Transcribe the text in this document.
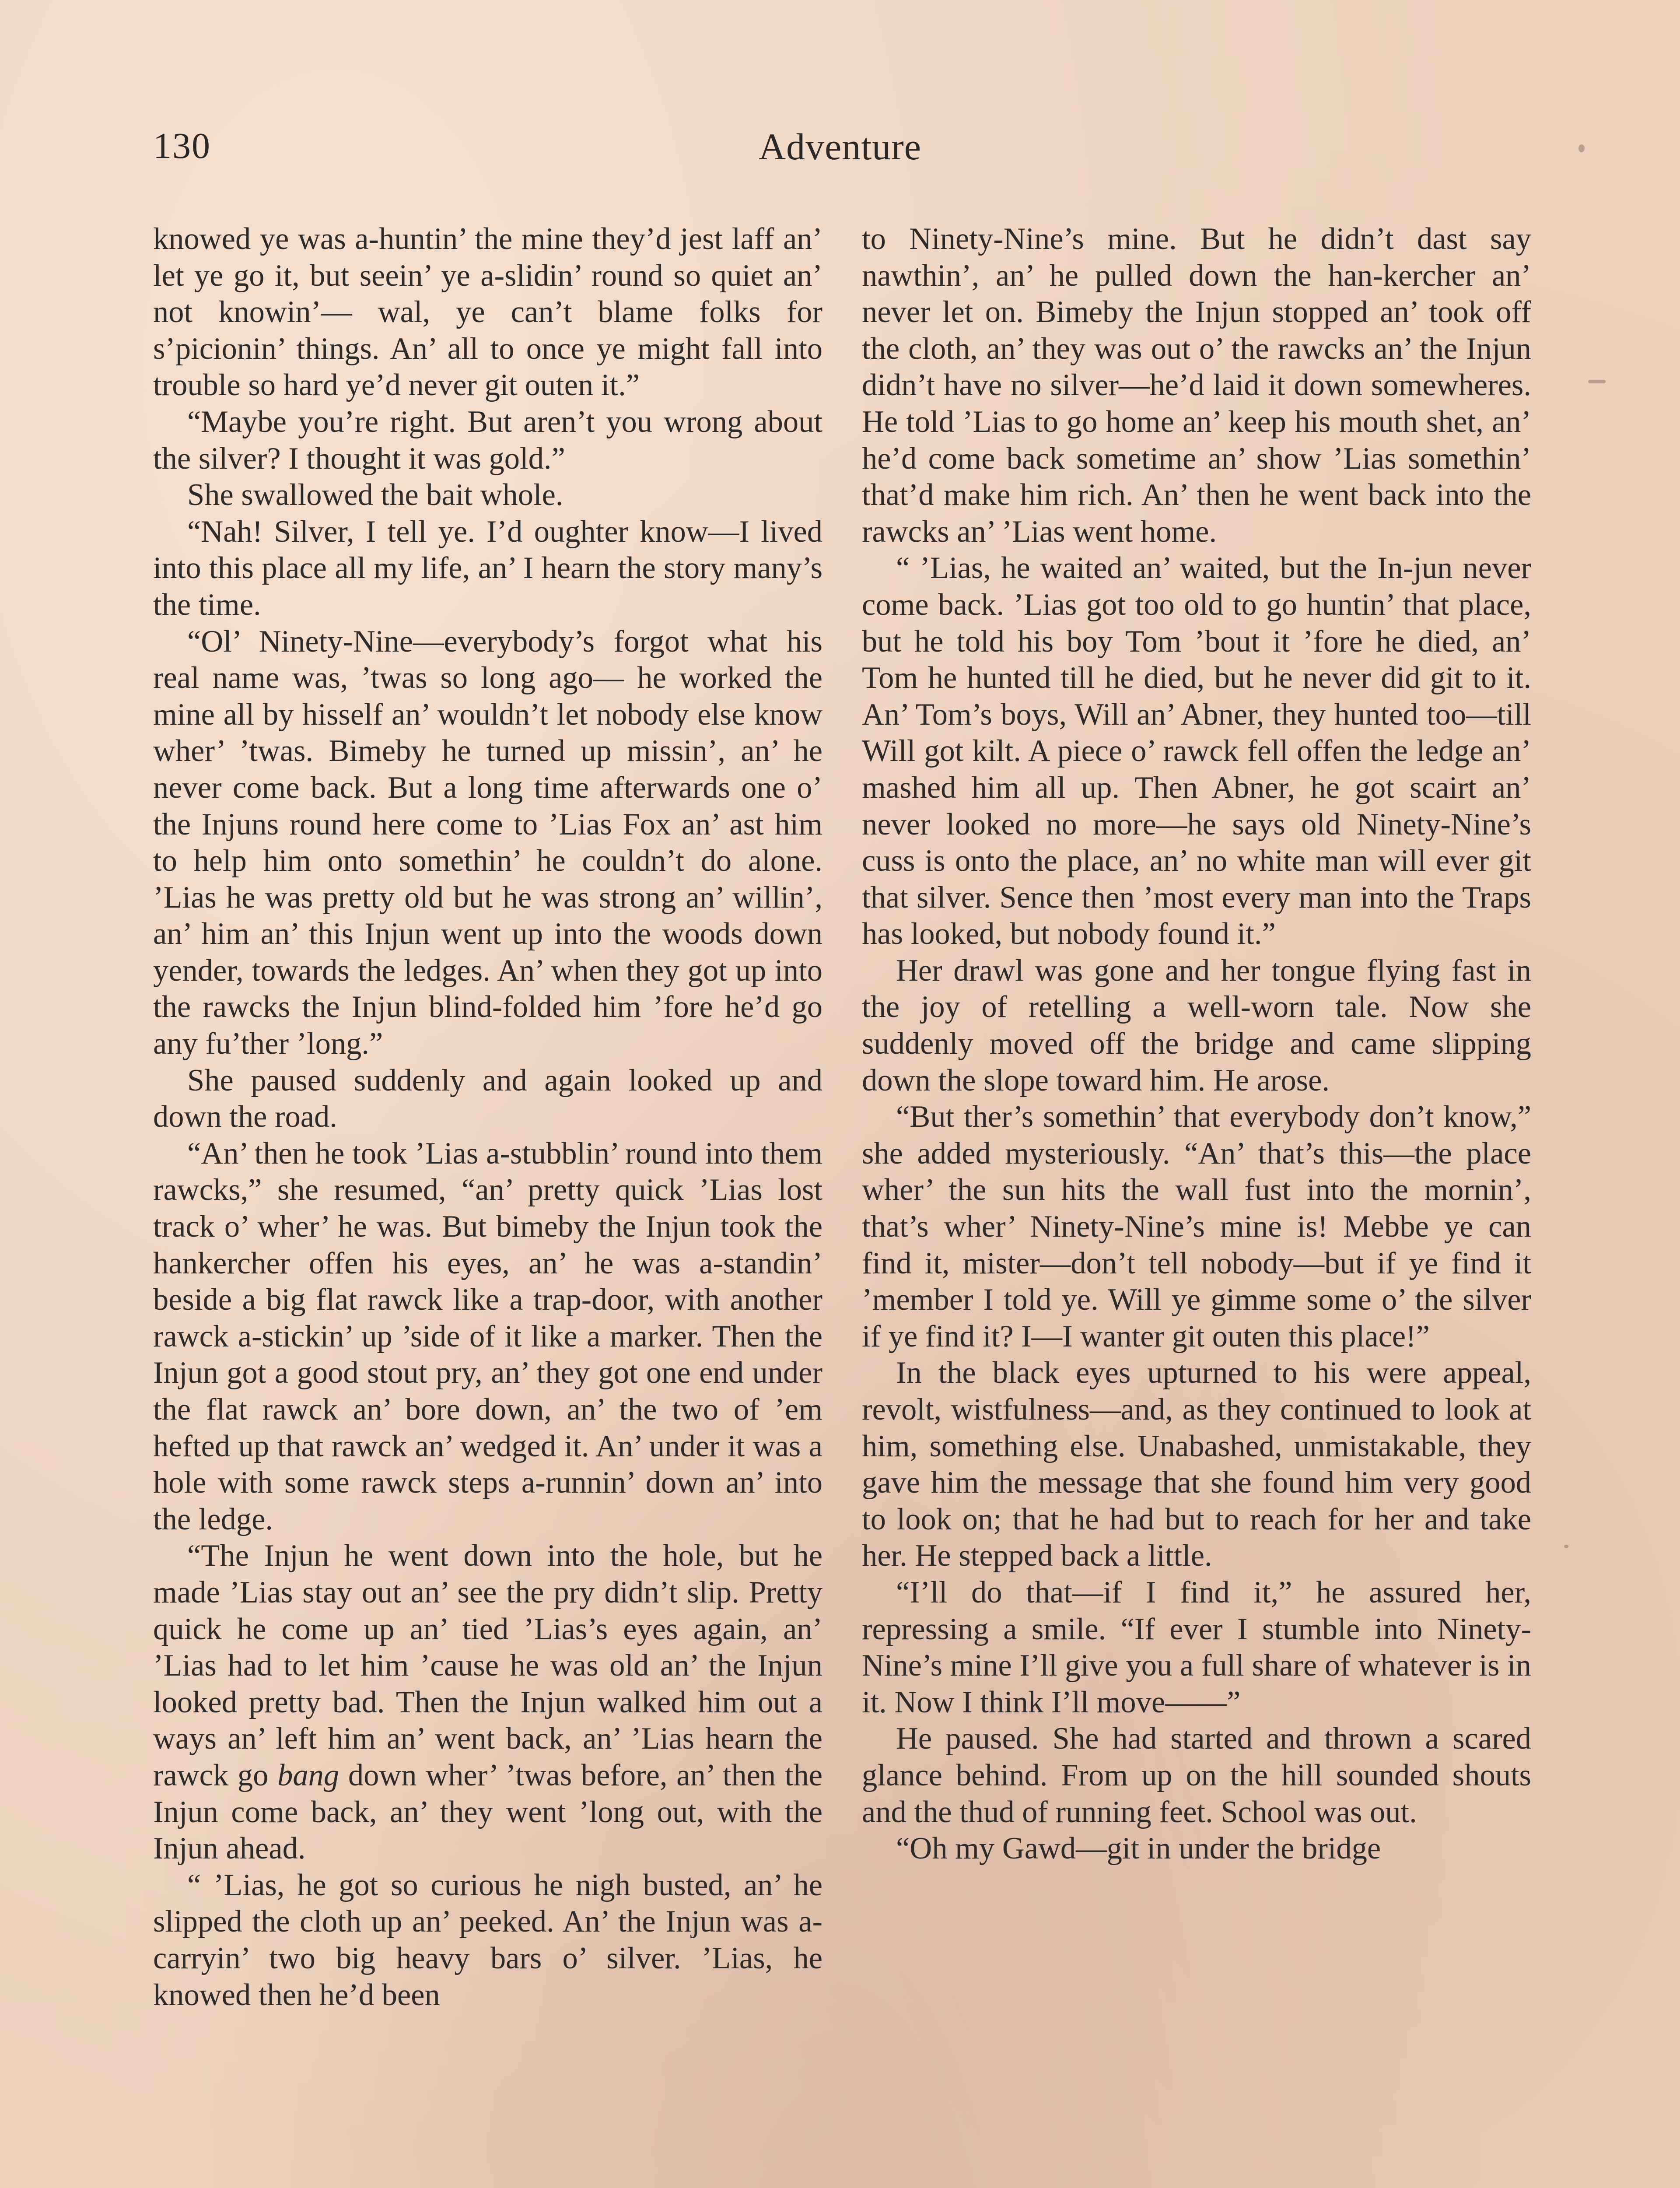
130	Adventure

knowed ye was a-huntin’ the mine they’d jest laff an’ let ye go it, but seein’ ye a-slidin’ round so quiet an’ not knowin’— wal, ye can’t blame folks for s’picionin’ things. An’ all to once ye might fall into trouble so hard ye’d never git outen it.”

“Maybe you’re right. But aren’t you wrong about the silver? I thought it was gold.”

She swallowed the bait whole.

“Nah! Silver, I tell ye. I’d oughter know—I lived into this place all my life, an’ I hearn the story many’s the time.

“Ol’ Ninety-Nine—everybody’s forgot what his real name was, ’twas so long ago— he worked the mine all by hisself an’ wouldn’t let nobody else know wher’ ’twas. Bimeby he turned up missin’, an’ he never come back. But a long time afterwards one o’ the Injuns round here come to ’Lias Fox an’ ast him to help him onto somethin’ he couldn’t do alone. ’Lias he was pretty old but he was strong an’ willin’, an’ him an’ this Injun went up into the woods down yender, towards the ledges. An’ when they got up into the rawcks the Injun blind-folded him ’fore he’d go any fu’ther ’long.”

She paused suddenly and again looked up and down the road.

“An’ then he took ’Lias a-stubblin’ round into them rawcks,” she resumed, “an’ pretty quick ’Lias lost track o’ wher’ he was. But bimeby the Injun took the hankercher offen his eyes, an’ he was a-standin’ beside a big flat rawck like a trap-door, with another rawck a-stickin’ up ’side of it like a marker. Then the Injun got a good stout pry, an’ they got one end under the flat rawck an’ bore down, an’ the two of ’em hefted up that rawck an’ wedged it. An’ under it was a hole with some rawck steps a-runnin’ down an’ into the ledge.

“The Injun he went down into the hole, but he made ’Lias stay out an’ see the pry didn’t slip. Pretty quick he come up an’ tied ’Lias’s eyes again, an’ ’Lias had to let him ’cause he was old an’ the Injun looked pretty bad. Then the Injun walked him out a ways an’ left him an’ went back, an’ ’Lias hearn the rawck go bang down wher’ ’twas before, an’ then the Injun come back, an’ they went ’long out, with the Injun ahead.

“ ’Lias, he got so curious he nigh busted, an’ he slipped the cloth up an’ peeked. An’ the Injun was a-carryin’ two big heavy bars o’ silver. ’Lias, he knowed then he’d been

to Ninety-Nine’s mine. But he didn’t dast say nawthin’, an’ he pulled down the han-kercher an’ never let on. Bimeby the Injun stopped an’ took off the cloth, an’ they was out o’ the rawcks an’ the Injun didn’t have no silver—he’d laid it down somewheres. He told ’Lias to go home an’ keep his mouth shet, an’ he’d come back sometime an’ show ’Lias somethin’ that’d make him rich. An’ then he went back into the rawcks an’ ’Lias went home.

“ ’Lias, he waited an’ waited, but the In-jun never come back. ’Lias got too old to go huntin’ that place, but he told his boy Tom ’bout it ’fore he died, an’ Tom he hunted till he died, but he never did git to it. An’ Tom’s boys, Will an’ Abner, they hunted too—till Will got kilt. A piece o’ rawck fell offen the ledge an’ mashed him all up. Then Abner, he got scairt an’ never looked no more—he says old Ninety-Nine’s cuss is onto the place, an’ no white man will ever git that silver. Sence then ’most every man into the Traps has looked, but nobody found it.”

Her drawl was gone and her tongue flying fast in the joy of retelling a well-worn tale. Now she suddenly moved off the bridge and came slipping down the slope toward him. He arose.

“But ther’s somethin’ that everybody don’t know,” she added mysteriously. “An’ that’s this—the place wher’ the sun hits the wall fust into the mornin’, that’s wher’ Ninety-Nine’s mine is! Mebbe ye can find it, mister—don’t tell nobody—but if ye find it ’member I told ye. Will ye gimme some o’ the silver if ye find it? I—I wanter git outen this place!”

In the black eyes upturned to his were appeal, revolt, wistfulness—and, as they continued to look at him, something else. Unabashed, unmistakable, they gave him the message that she found him very good to look on; that he had but to reach for her and take her. He stepped back a little.

“I’ll do that—if I find it,” he assured her, repressing a smile. “If ever I stumble into Ninety-Nine’s mine I’ll give you a full share of whatever is in it. Now I think I’ll move——”

He paused. She had started and thrown a scared glance behind. From up on the hill sounded shouts and the thud of running feet. School was out.

“Oh my Gawd—git in under the bridge
